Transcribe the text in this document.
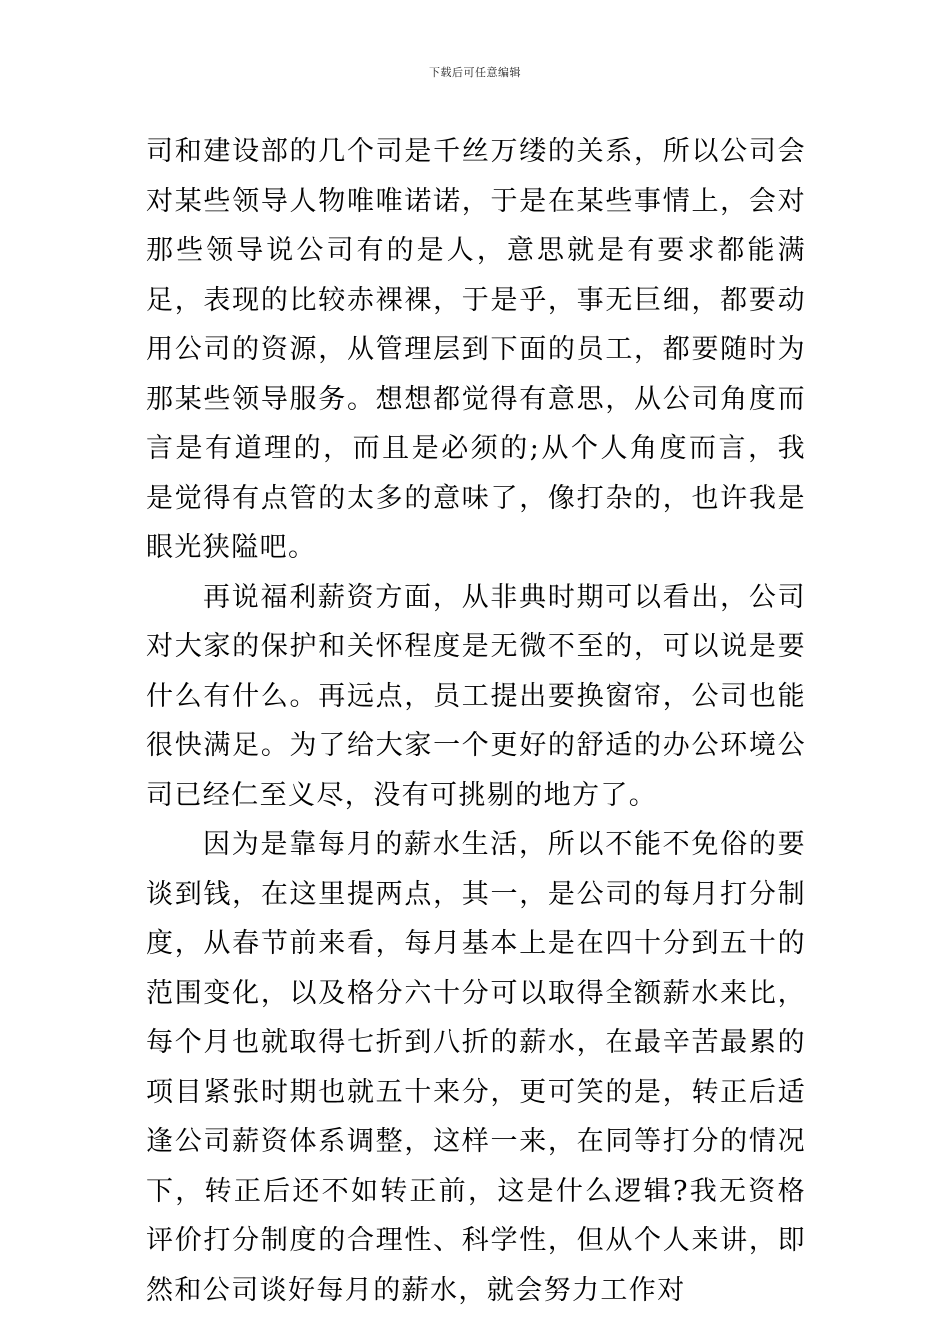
下载后可任意编辑

司和建设部的几个司是千丝万缕的关系，所以公司会对某些领导人物唯唯诺诺，于是在某些事情上，会对那些领导说公司有的是人，意思就是有要求都能满足，表现的比较赤裸裸，于是乎，事无巨细，都要动用公司的资源，从管理层到下面的员工，都要随时为那某些领导服务。想想都觉得有意思，从公司角度而言是有道理的，而且是必须的;从个人角度而言，我是觉得有点管的太多的意味了，像打杂的，也许我是眼光狭隘吧。

再说福利薪资方面，从非典时期可以看出，公司对大家的保护和关怀程度是无微不至的，可以说是要什么有什么。再远点，员工提出要换窗帘，公司也能很快满足。为了给大家一个更好的舒适的办公环境公司已经仁至义尽，没有可挑剔的地方了。

因为是靠每月的薪水生活，所以不能不免俗的要谈到钱，在这里提两点，其一，是公司的每月打分制度，从春节前来看，每月基本上是在四十分到五十的范围变化，以及格分六十分可以取得全额薪水来比，每个月也就取得七折到八折的薪水，在最辛苦最累的项目紧张时期也就五十来分，更可笑的是，转正后适逢公司薪资体系调整，这样一来，在同等打分的情况下，转正后还不如转正前，这是什么逻辑?我无资格评价打分制度的合理性、科学性，但从个人来讲，即然和公司谈好每月的薪水，就会努力工作对
